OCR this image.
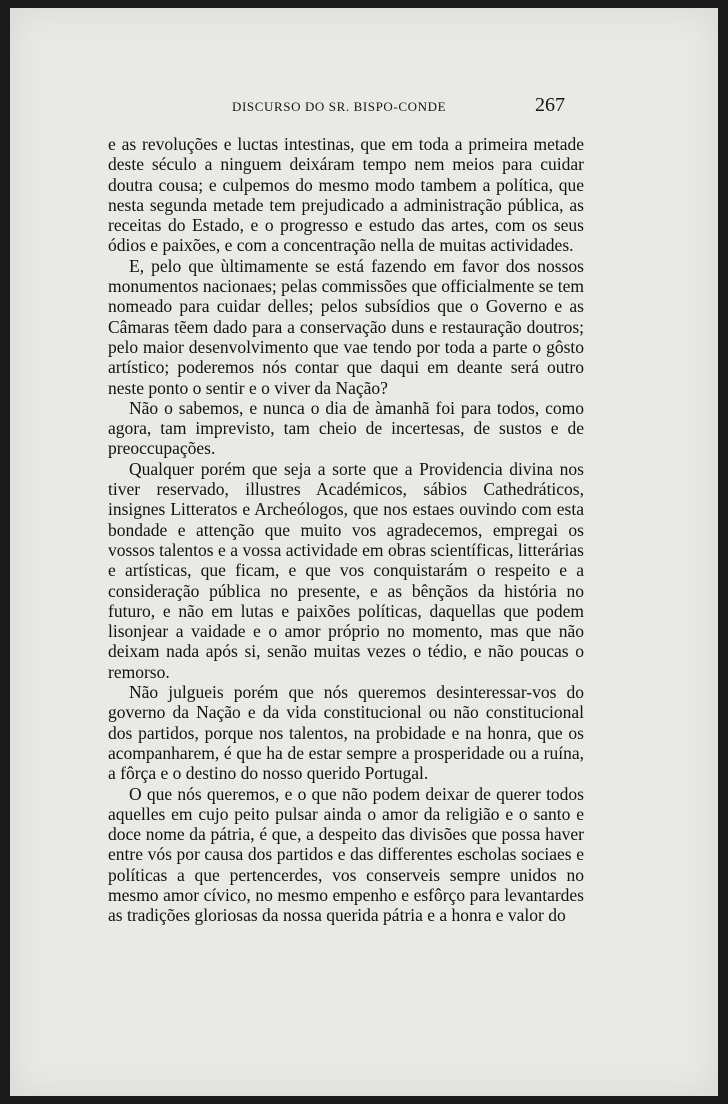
DISCURSO DO SR. BISPO-CONDE	267

e as revoluções e luctas intestinas, que em toda a primeira metade deste século a ninguem deixáram tempo nem meios para cuidar doutra cousa; e culpemos do mesmo modo tambem a política, que nesta segunda metade tem prejudicado a administração pública, as receitas do Estado, e o progresso e estudo das artes, com os seus ódios e paixões, e com a concentração nella de muitas actividades.

E, pelo que ùltimamente se está fazendo em favor dos nossos monumentos nacionaes; pelas commissões que officialmente se tem nomeado para cuidar delles; pelos subsídios que o Governo e as Câmaras tẽem dado para a conservação duns e restauração doutros; pelo maior desenvolvimento que vae tendo por toda a parte o gôsto artístico; poderemos nós contar que daqui em deante será outro neste ponto o sentir e o viver da Nação?

Não o sabemos, e nunca o dia de àmanhã foi para todos, como agora, tam imprevisto, tam cheio de incertesas, de sustos e de preoccupações.

Qualquer porém que seja a sorte que a Providencia divina nos tiver reservado, illustres Académicos, sábios Cathedráticos, insignes Litteratos e Archeólogos, que nos estaes ouvindo com esta bondade e attenção que muito vos agradecemos, empregai os vossos talentos e a vossa actividade em obras scientíficas, litterárias e artísticas, que ficam, e que vos conquistarám o respeito e a consideração pública no presente, e as bênçãos da história no futuro, e não em lutas e paixões políticas, daquellas que podem lisonjear a vaidade e o amor próprio no momento, mas que não deixam nada após si, senão muitas vezes o tédio, e não poucas o remorso.

Não julgueis porém que nós queremos desinteressar-vos do governo da Nação e da vida constitucional ou não constitucional dos partidos, porque nos talentos, na probidade e na honra, que os acompanharem, é que ha de estar sempre a prosperidade ou a ruína, a fôrça e o destino do nosso querido Portugal.

O que nós queremos, e o que não podem deixar de querer todos aquelles em cujo peito pulsar ainda o amor da religião e o santo e doce nome da pátria, é que, a despeito das divisões que possa haver entre vós por causa dos partidos e das differentes escholas sociaes e políticas a que pertencerdes, vos conserveis sempre unidos no mesmo amor cívico, no mesmo empenho e esfôrço para levantardes as tradições gloriosas da nossa querida pátria e a honra e valor do
